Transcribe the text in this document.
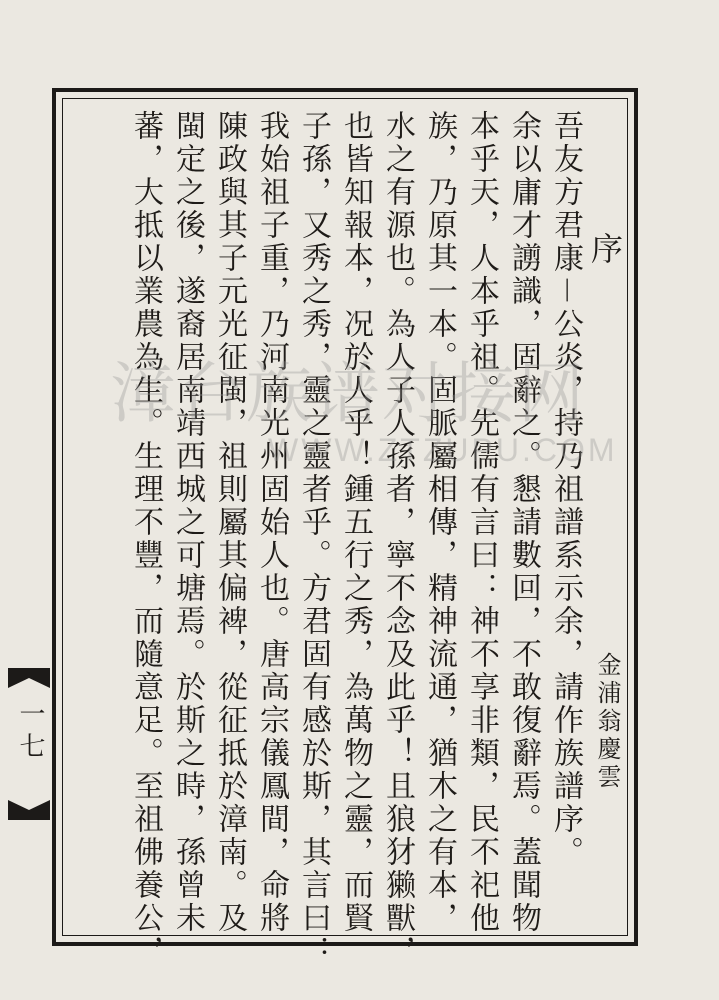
序
金浦翁慶雲
吾友方君康－公炎，持乃祖譜系示余，請作族譜序。
余以庸才謭識，固辭之。懇請數回，不敢復辭焉。蓋聞物
本乎天，人本乎祖。先儒有言曰：神不享非類，民不祀他
族，乃原其一本。固脈屬相傳，精神流通，猶木之有本，
水之有源也。為人子人孫者，寧不念及此乎！且狼犲獭獸，
也皆知報本，况於人乎！鍾五行之秀，為萬物之靈，而賢
子孫，又秀之秀，靈之靈者乎。方君固有感於斯，其言曰：
我始祖子重，乃河南光州固始人也。唐高宗儀鳳間，命將
陳政與其子元光征閩，祖則屬其偏裨，從征抵於漳南。及
閩定之後，遂裔居南靖西城之可塘焉。於斯之時，孫曾未
蕃，大抵以業農為生。生理不豐，而隨意足。至祖佛養公，
一七
漳台族谱对接网
WWW.ZTZUPU.COM
